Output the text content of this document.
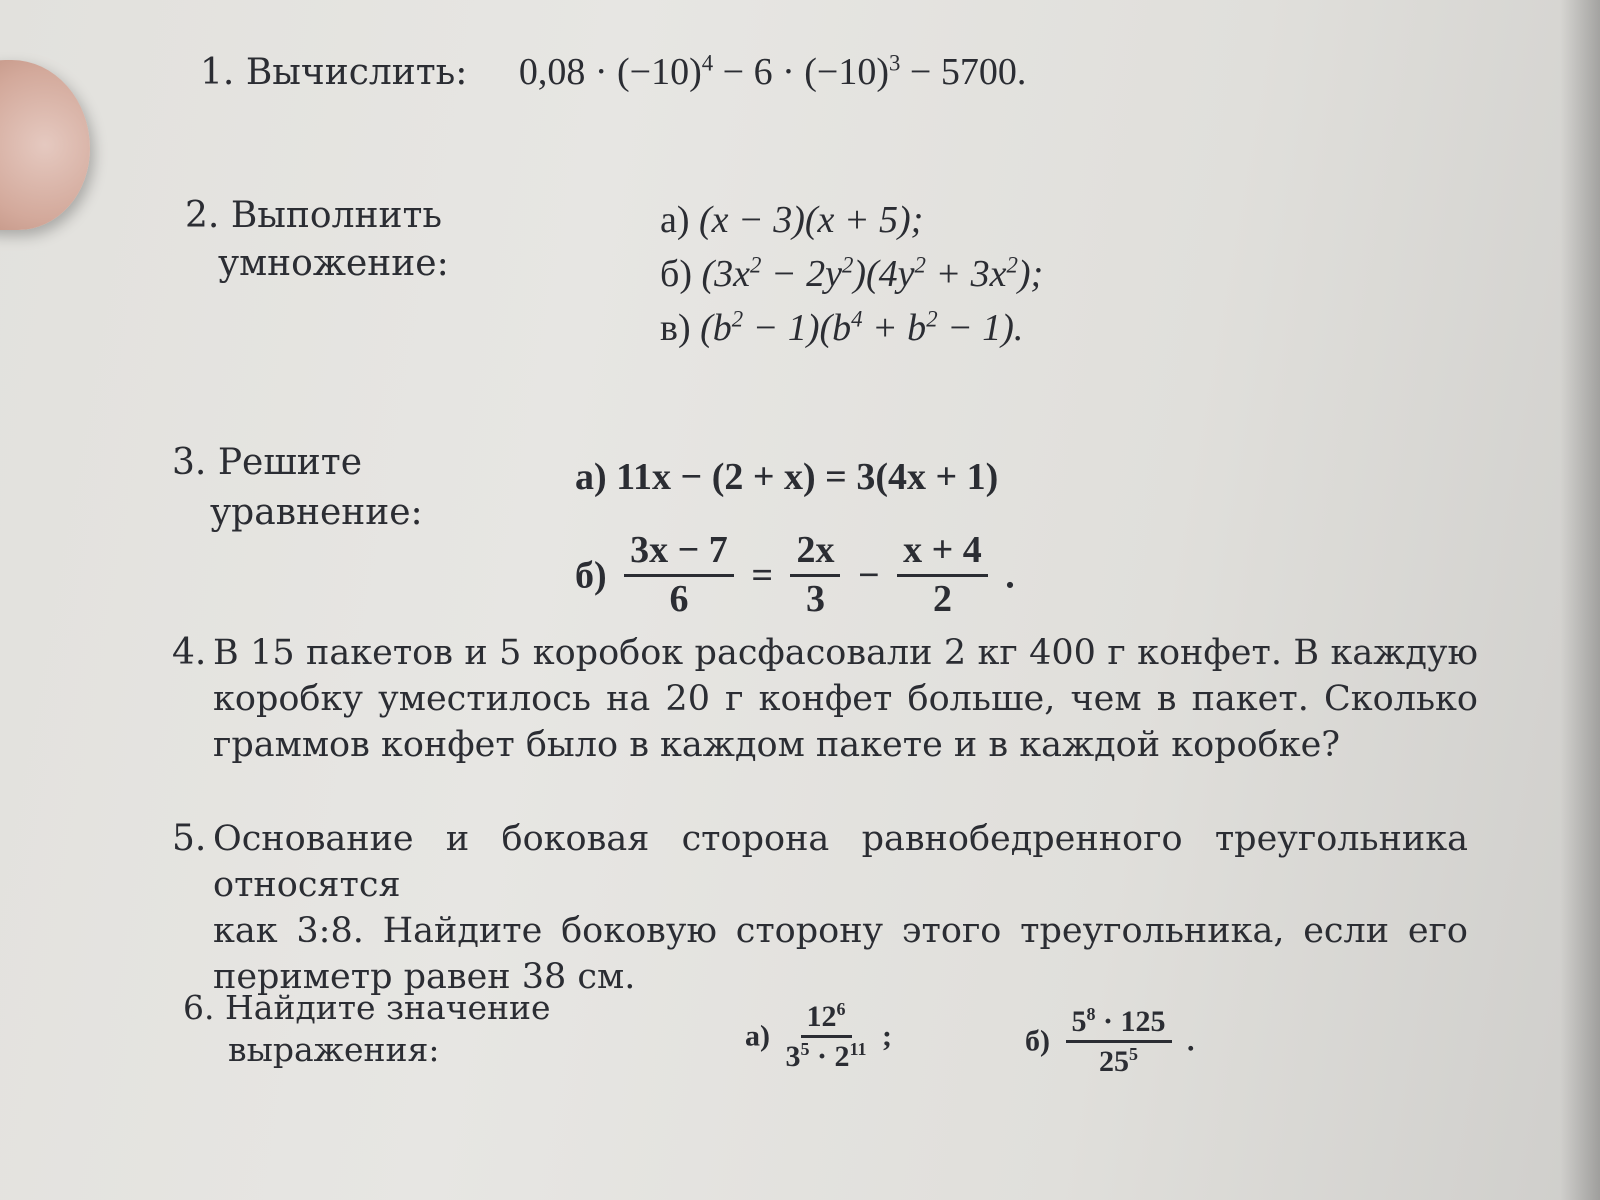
1. Вычислить: $0,08 \cdot (-10)^4 - 6 \cdot (-10)^3 - 5700$.
2. Выполнить
умножение:
а) (x − 3)(x + 5);
б) $(3x^2 - 2y^2)(4y^2 + 3x^2)$;
в) $(b^2 - 1)(b^4 + b^2 - 1)$.
3. Решите
уравнение:
а) 11x − (2 + x) = 3(4x + 1)
$б) \frac{3x - 7}{6} = \frac{2x}{3} - \frac{x + 4}{2}$ .
4. В 15 пакетов и 5 коробок расфасовали 2 кг 400 г конфет. В каждую
коробку уместилось на 20 г конфет больше, чем в пакет. Сколько
граммов конфет было в каждом пакете и в каждой коробке?
5. Основание и боковая сторона равнобедренного треугольника относятся
как 3:8. Найдите боковую сторону этого треугольника, если его
периметр равен 38 см.
6. Найдите значение
выражения:	$а) \frac{12^6}{3^5 \cdot 2^{11}}$ ;	$б) \frac{5^8 \cdot 125}{25^5}$ .
